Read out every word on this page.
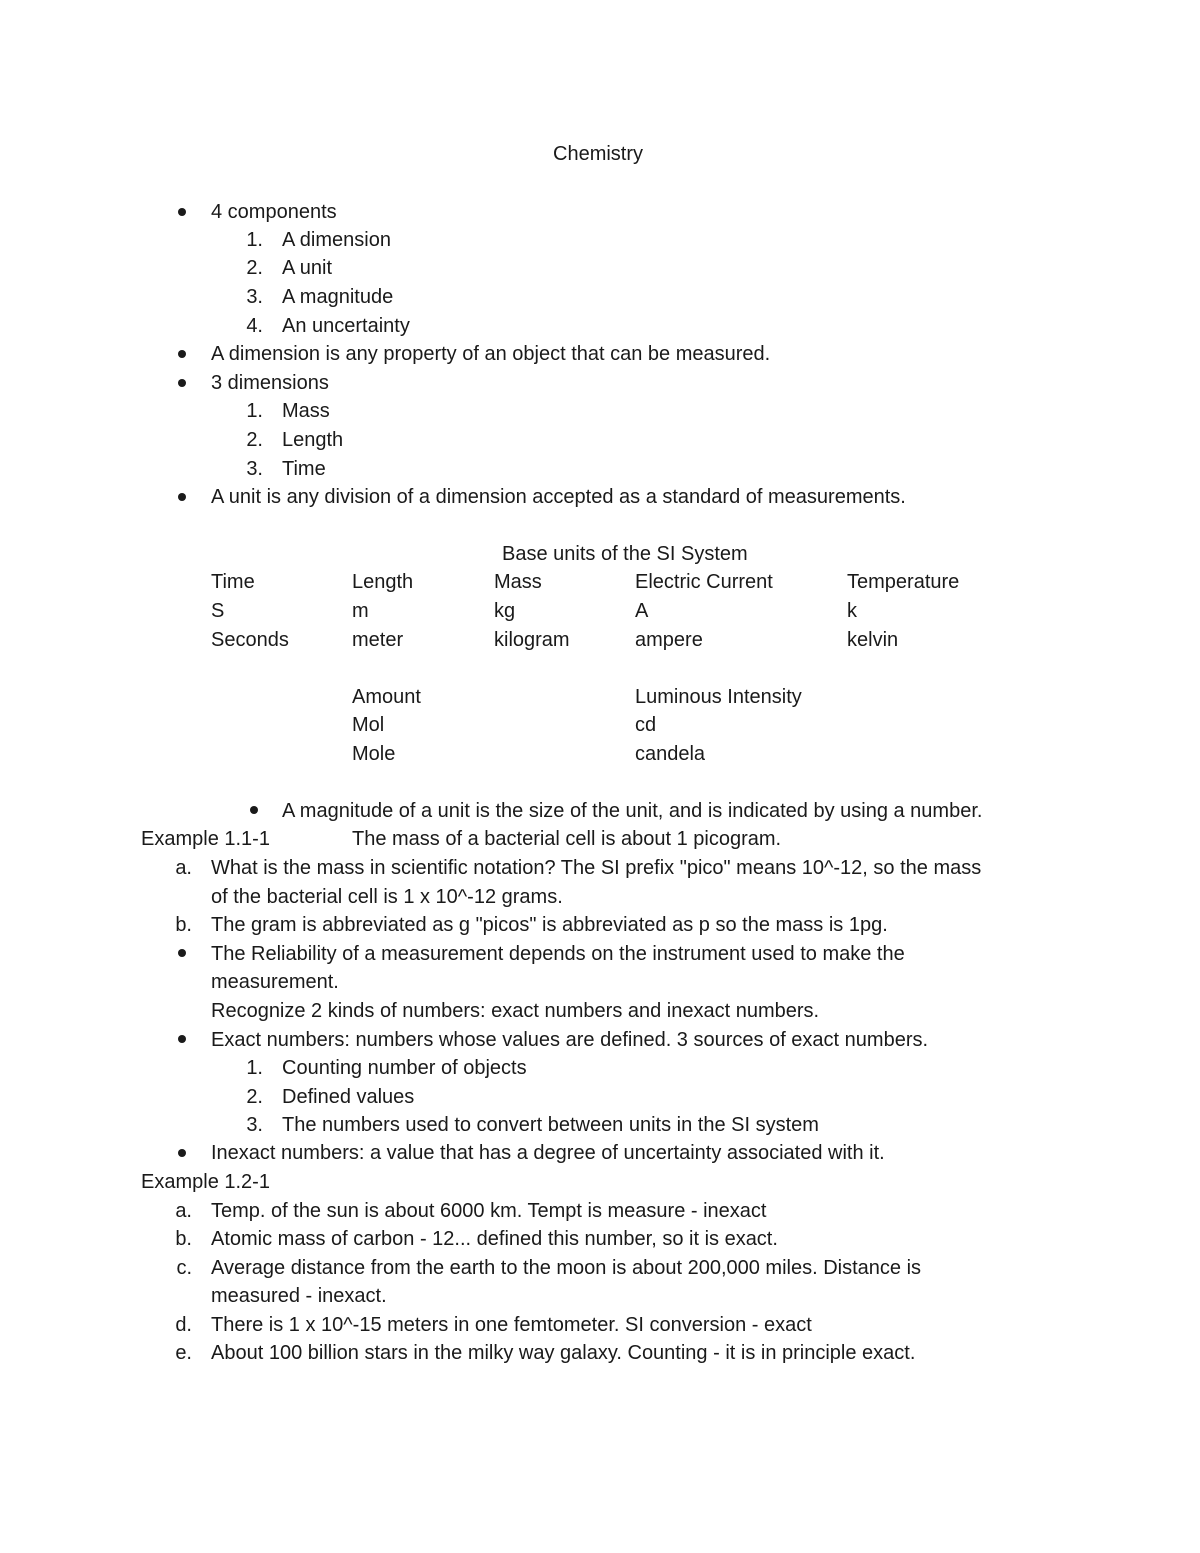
Chemistry
4 components
1. A dimension
2. A unit
3. A magnitude
4. An uncertainty
A dimension is any property of an object that can be measured.
3 dimensions
1. Mass
2. Length
3. Time
A unit is any division of a dimension accepted as a standard of measurements.
Base units of the SI System
Time	Length	Mass	Electric Current	Temperature
S	m	kg	A	k
Seconds	meter	kilogram	ampere	kelvin
Amount	Luminous Intensity
Mol	cd
Mole	candela
A magnitude of a unit is the size of the unit, and is indicated by using a number.
Example 1.1-1	The mass of a bacterial cell is about 1 picogram.
a. What is the mass in scientific notation? The SI prefix "pico" means 10^-12, so the mass
of the bacterial cell is 1 x 10^-12 grams.
b. The gram is abbreviated as g "picos" is abbreviated as p so the mass is 1pg.
The Reliability of a measurement depends on the instrument used to make the
measurement.
Recognize 2 kinds of numbers: exact numbers and inexact numbers.
Exact numbers: numbers whose values are defined. 3 sources of exact numbers.
1. Counting number of objects
2. Defined values
3. The numbers used to convert between units in the SI system
Inexact numbers: a value that has a degree of uncertainty associated with it.
Example 1.2-1
a. Temp. of the sun is about 6000 km. Tempt is measure - inexact
b. Atomic mass of carbon - 12... defined this number, so it is exact.
c. Average distance from the earth to the moon is about 200,000 miles. Distance is
measured - inexact.
d. There is 1 x 10^-15 meters in one femtometer. SI conversion - exact
e. About 100 billion stars in the milky way galaxy. Counting - it is in principle exact.
